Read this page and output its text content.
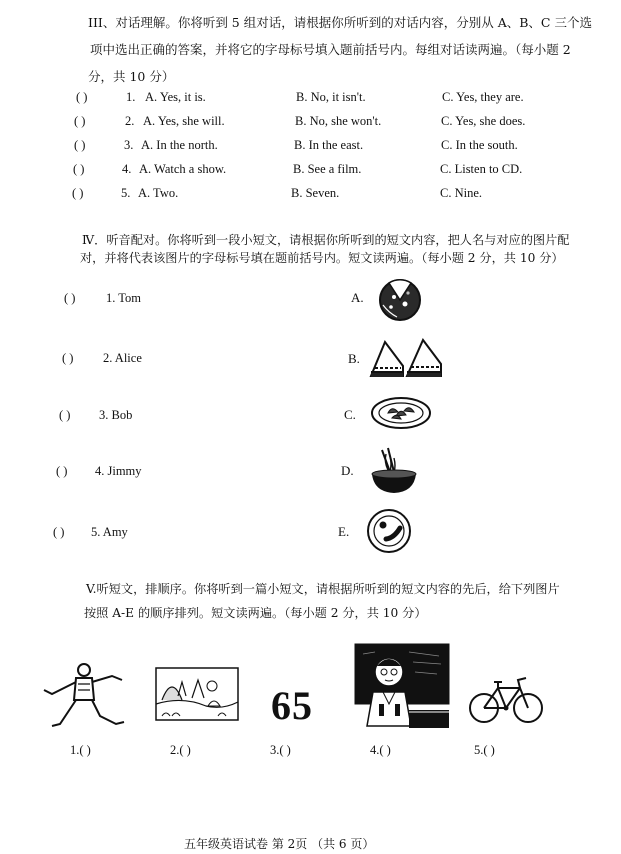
III、对话理解。你将听到 5 组对话，请根据你所听到的对话内容，分别从 A、B、C 三个选
项中选出正确的答案，并将它的字母标号填入题前括号内。每组对话读两遍。（每小题 2
分，共 10 分）
( )	1. A. Yes, it is.	B. No, it isn't.	C. Yes, they are.
( )	2. A. Yes, she will.	B. No, she won't.	C. Yes, she does.
( )	3. A. In the north.	B. In the east.	C. In the south.
( )	4. A. Watch a show.	B. See a film.	C. Listen to CD.
( )	5. A. Two.	B. Seven.	C. Nine.
Ⅳ．听音配对。你将听到一段小短文，请根据你所听到的短文内容，把人名与对应的图片配
对，并将代表该图片的字母标号填在题前括号内。短文读两遍。（每小题 2 分，共 10 分）
( ) 1. Tom
( ) 2. Alice
( ) 3. Bob
( ) 4. Jimmy
( ) 5. Amy
A.
B.
C.
D.
E.
V.听短文，排顺序。你将听到一篇小短文，请根据所听到的短文内容的先后，给下列图片
按照 A-E 的顺序排列。短文读两遍。（每小题 2 分，共 10 分）
65
1.( )	2.( )	3.( )	4.( )	5.( )
五年级英语试卷 第 2页 （共 6 页）
